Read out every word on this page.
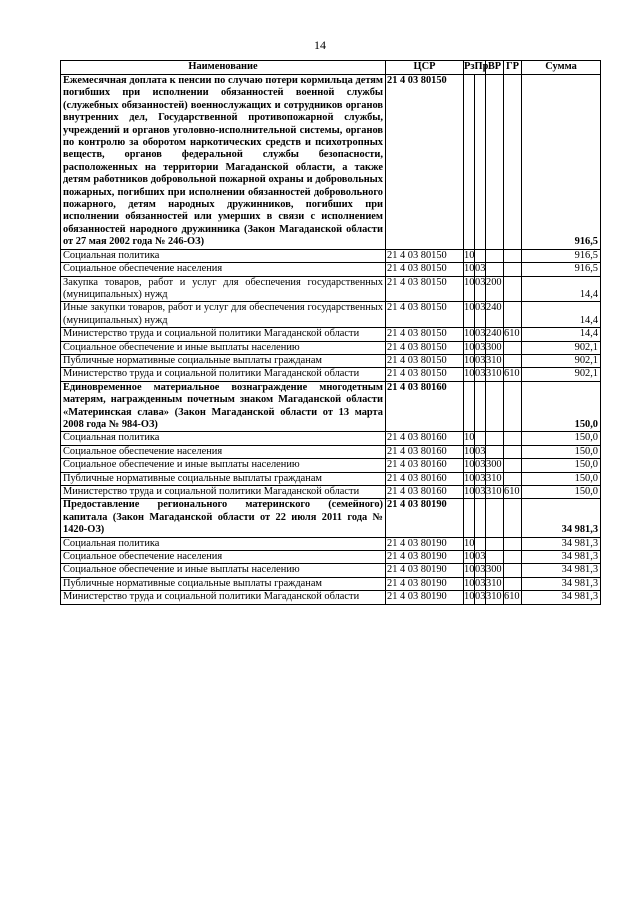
14
Наименование	ЦСР	РзПр		ВР	ГР	Сумма
Ежемесячная доплата к пенсии по случаю потери кормильца детям погибших при исполнении обязанностей военной службы (служебных обязанностей) военнослужащих и сотрудников органов внутренних дел, Государственной противопожарной службы, учреждений и органов уголовно-исполнительной системы, органов по контролю за оборотом наркотических средств и психотропных веществ, органов федеральной службы безопасности, расположенных на территории Магаданской области, а также детям работников добровольной пожарной охраны и добровольных пожарных, погибших при исполнении обязанностей добровольного пожарного, детям народных дружинников, погибших при исполнении обязанностей или умерших в связи с исполнением обязанностей народного дружинника (Закон Магаданской области от 27 мая 2002 года № 246-ОЗ)	21 4 03 80150					916,5
Социальная политика	21 4 03 80150	10				916,5
Социальное обеспечение населения	21 4 03 80150	10	03			916,5
Закупка товаров, работ и услуг для обеспечения государственных (муниципальных) нужд	21 4 03 80150	10	03	200		14,4
Иные закупки товаров, работ и услуг для обеспечения государственных (муниципальных) нужд	21 4 03 80150	10	03	240		14,4
Министерство труда и социальной политики Магаданской области	21 4 03 80150	10	03	240	610	14,4
Социальное обеспечение и иные выплаты населению	21 4 03 80150	10	03	300		902,1
Публичные нормативные социальные выплаты гражданам	21 4 03 80150	10	03	310		902,1
Министерство труда и социальной политики Магаданской области	21 4 03 80150	10	03	310	610	902,1
Единовременное материальное вознаграждение многодетным матерям, награжденным почетным знаком Магаданской области «Материнская слава» (Закон Магаданской области от 13 марта 2008 года № 984-ОЗ)	21 4 03 80160					150,0
Социальная политика	21 4 03 80160	10				150,0
Социальное обеспечение населения	21 4 03 80160	10	03			150,0
Социальное обеспечение и иные выплаты населению	21 4 03 80160	10	03	300		150,0
Публичные нормативные социальные выплаты гражданам	21 4 03 80160	10	03	310		150,0
Министерство труда и социальной политики Магаданской области	21 4 03 80160	10	03	310	610	150,0
Предоставление регионального материнского (семейного) капитала (Закон Магаданской области от 22 июля 2011 года № 1420-ОЗ)	21 4 03 80190					34 981,3
Социальная политика	21 4 03 80190	10				34 981,3
Социальное обеспечение населения	21 4 03 80190	10	03			34 981,3
Социальное обеспечение и иные выплаты населению	21 4 03 80190	10	03	300		34 981,3
Публичные нормативные социальные выплаты гражданам	21 4 03 80190	10	03	310		34 981,3
Министерство труда и социальной политики Магаданской области	21 4 03 80190	10	03	310	610	34 981,3
